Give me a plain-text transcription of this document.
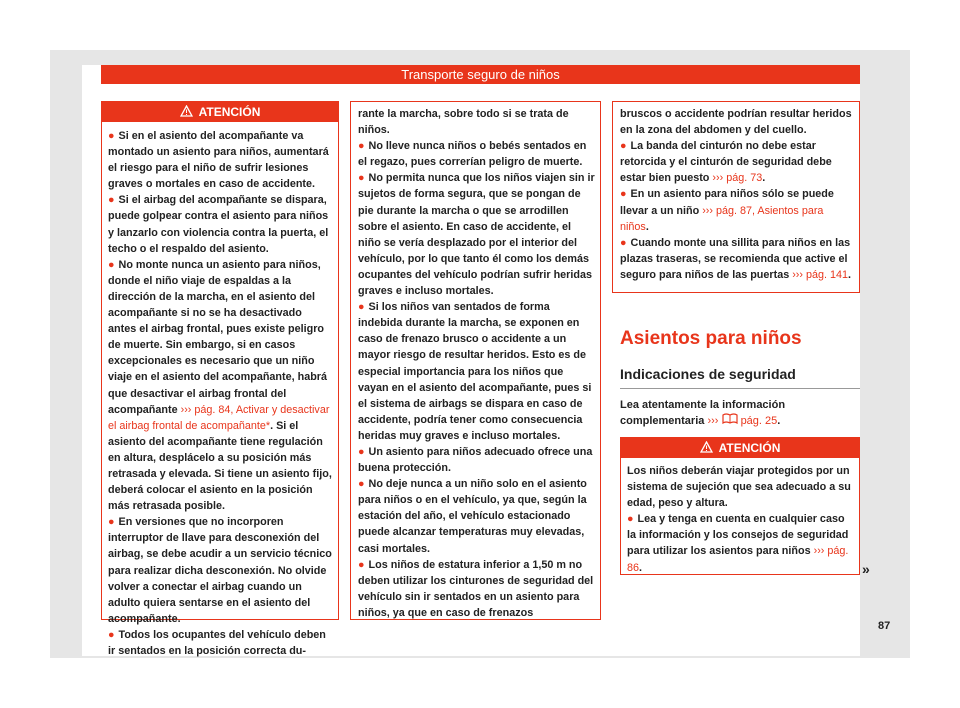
Transporte seguro de niños
ATENCIÓN

● Si en el asiento del acompañante va montado un asiento para niños, aumentará el riesgo para el niño de sufrir lesiones graves o mortales en caso de accidente.

● Si el airbag del acompañante se dispara, puede golpear contra el asiento para niños y lanzarlo con violencia contra la puerta, el techo o el respaldo del asiento.

● No monte nunca un asiento para niños, donde el niño viaje de espaldas a la dirección de la marcha, en el asiento del acompañante si no se ha desactivado antes el airbag frontal, pues existe peligro de muerte. Sin embargo, si en casos excepcionales es necesario que un niño viaje en el asiento del acompañante, habrá que desactivar el airbag frontal del acompañante ››› pág. 84, Activar y desactivar el airbag frontal de acompañante*. Si el asiento del acompañante tiene regulación en altura, desplácelo a su posición más retrasada y elevada. Si tiene un asiento fijo, deberá colocar el asiento en la posición más retrasada posible.

● En versiones que no incorporen interruptor de llave para desconexión del airbag, se debe acudir a un servicio técnico para realizar dicha desconexión. No olvide volver a conectar el airbag cuando un adulto quiera sentarse en el asiento del acompañante.

● Todos los ocupantes del vehículo deben ir sentados en la posición correcta du-

rante la marcha, sobre todo si se trata de niños.

● No lleve nunca niños o bebés sentados en el regazo, pues correrían peligro de muerte.

● No permita nunca que los niños viajen sin ir sujetos de forma segura, que se pongan de pie durante la marcha o que se arrodillen sobre el asiento. En caso de accidente, el niño se vería desplazado por el interior del vehículo, por lo que tanto él como los demás ocupantes del vehículo podrían sufrir heridas graves e incluso mortales.

● Si los niños van sentados de forma indebida durante la marcha, se exponen en caso de frenazo brusco o accidente a un mayor riesgo de resultar heridos. Esto es de especial importancia para los niños que vayan en el asiento del acompañante, pues si el sistema de airbags se dispara en caso de accidente, podría tener como consecuencia heridas muy graves e incluso mortales.

● Un asiento para niños adecuado ofrece una buena protección.

● No deje nunca a un niño solo en el asiento para niños o en el vehículo, ya que, según la estación del año, el vehículo estacionado puede alcanzar temperaturas muy elevadas, casi mortales.

● Los niños de estatura inferior a 1,50 m no deben utilizar los cinturones de seguridad del vehículo sin ir sentados en un asiento para niños, ya que en caso de frenazos

bruscos o accidente podrían resultar heridos en la zona del abdomen y del cuello.

● La banda del cinturón no debe estar retorcida y el cinturón de seguridad debe estar bien puesto ››› pág. 73.

● En un asiento para niños sólo se puede llevar a un niño ››› pág. 87, Asientos para niños.

● Cuando monte una sillita para niños en las plazas traseras, se recomienda que active el seguro para niños de las puertas ››› pág. 141.

Asientos para niños
Indicaciones de seguridad
Lea atentamente la información complementaria ››› pág. 25.
ATENCIÓN

Los niños deberán viajar protegidos por un sistema de sujeción que sea adecuado a su edad, peso y altura.

● Lea y tenga en cuenta en cualquier caso la información y los consejos de seguridad para utilizar los asientos para niños ››› pág. 86.	»
87
